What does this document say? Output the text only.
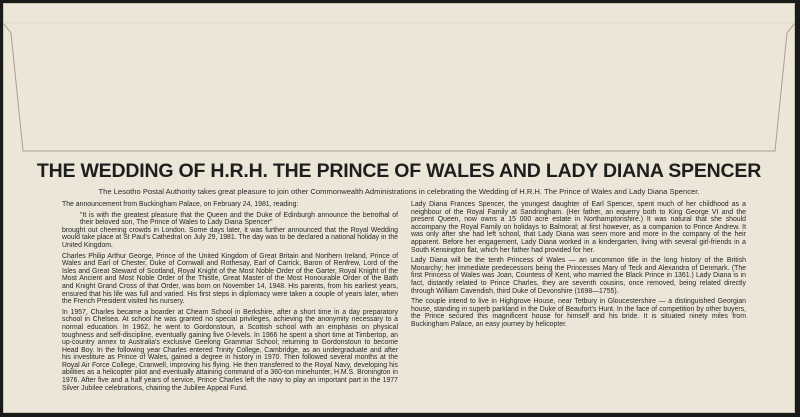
THE WEDDING OF H.R.H. THE PRINCE OF WALES AND LADY DIANA SPENCER
The Lesotho Postal Authority takes great pleasure to join other Commonwealth Administrations in celebrating the Wedding of H.R.H. The Prince of Wales and Lady Diana Spencer.

The announcement from Buckingham Palace, on February 24, 1981, reading:

"It is with the greatest pleasure that the Queen and the Duke of Edinburgh announce the betrothal of their beloved son, The Prince of Wales to Lady Diana Spencer"

brought out cheering crowds in London. Some days later, it was further announced that the Royal Wedding would take place at St Paul's Cathedral on July 29, 1981. The day was to be declared a national holiday in the United Kingdom.

Charles Philip Arthur George, Prince of the United Kingdom of Great Britain and Northern Ireland, Prince of Wales and Earl of Chester, Duke of Cornwall and Rothesay, Earl of Carrick, Baron of Renfrew, Lord of the Isles and Great Steward of Scotland, Royal Knight of the Most Noble Order of the Garter, Royal Knight of the Most Ancient and Most Noble Order of the Thistle, Great Master of the Most Honourable Order of the Bath and Knight Grand Cross of that Order, was born on November 14, 1948. His parents, from his earliest years, ensured that his life was full and varied. His first steps in diplomacy were taken a couple of years later, when the French President visited his nursery.

In 1957, Charles became a boarder at Cheam School in Berkshire, after a short time in a day preparatory school in Chelsea. At school he was granted no special privileges, achieving the anonymity necessary to a normal education. In 1962, he went to Gordonstoun, a Scottish school with an emphasis on physical toughness and self-discipline, eventually gaining five 0-levels. In 1966 he spent a short time at Timbertop, an up-country annex to Australia's exclusive Geelong Grammar School; returning to Gordonstoun to become Head Boy. In the following year Charles entered Trinity College, Cambridge, as an undergraduate and after his investiture as Prince of Wales, gained a degree in history in 1970. Then followed several months at the Royal Air Force College, Cranwell, improving his flying. He then transferred to the Royal Navy, developing his abilities as a helicopter pilot and eventually attaining command of a 360-ton minehunter, H.M.S. Bronington in 1976. After five and a half years of service, Prince Charles left the navy to play an important part in the 1977 Silver Jubilee celebrations, chairing the Jubilee Appeal Fund.

Lady Diana Frances Spencer, the youngest daughter of Earl Spencer, spent much of her childhood as a neighbour of the Royal Family at Sandringham. (Her father, an equerry both to King George VI and the present Queen, now owns a 15 000 acre estate in Northamptonshire.) It was natural that she should accompany the Royal Family on holidays to Balmoral; at first however, as a companion to Prince Andrew. It was only after she had left school, that Lady Diana was seen more and more in the company of the heir apparent. Before her engagement, Lady Diana worked in a kindergarten, living with several girl-friends in a South Kensington flat, which her father had provided for her.

Lady Diana will be the tenth Princess of Wales — an uncommon title in the long history of the British Monarchy; her immediate predecessors being the Princesses Mary of Teck and Alexandra of Denmark. (The first Princess of Wales was Joan, Countess of Kent, who married the Black Prince in 1361.) Lady Diana is in fact, distantly related to Prince Charles, they are seventh cousins, once removed, being related directly through William Cavendish, third Duke of Devonshire (1698—1755).

The couple intend to live in Highgrove House, near Tetbury in Gloucestershire — a distinguished Georgian house, standing in superb parkland in the Duke of Beaufort's Hunt. In the face of competition by other buyers, the Prince secured this magnificent house for himself and his bride. It is situated ninety miles from Buckingham Palace, an easy journey by helicopter.
